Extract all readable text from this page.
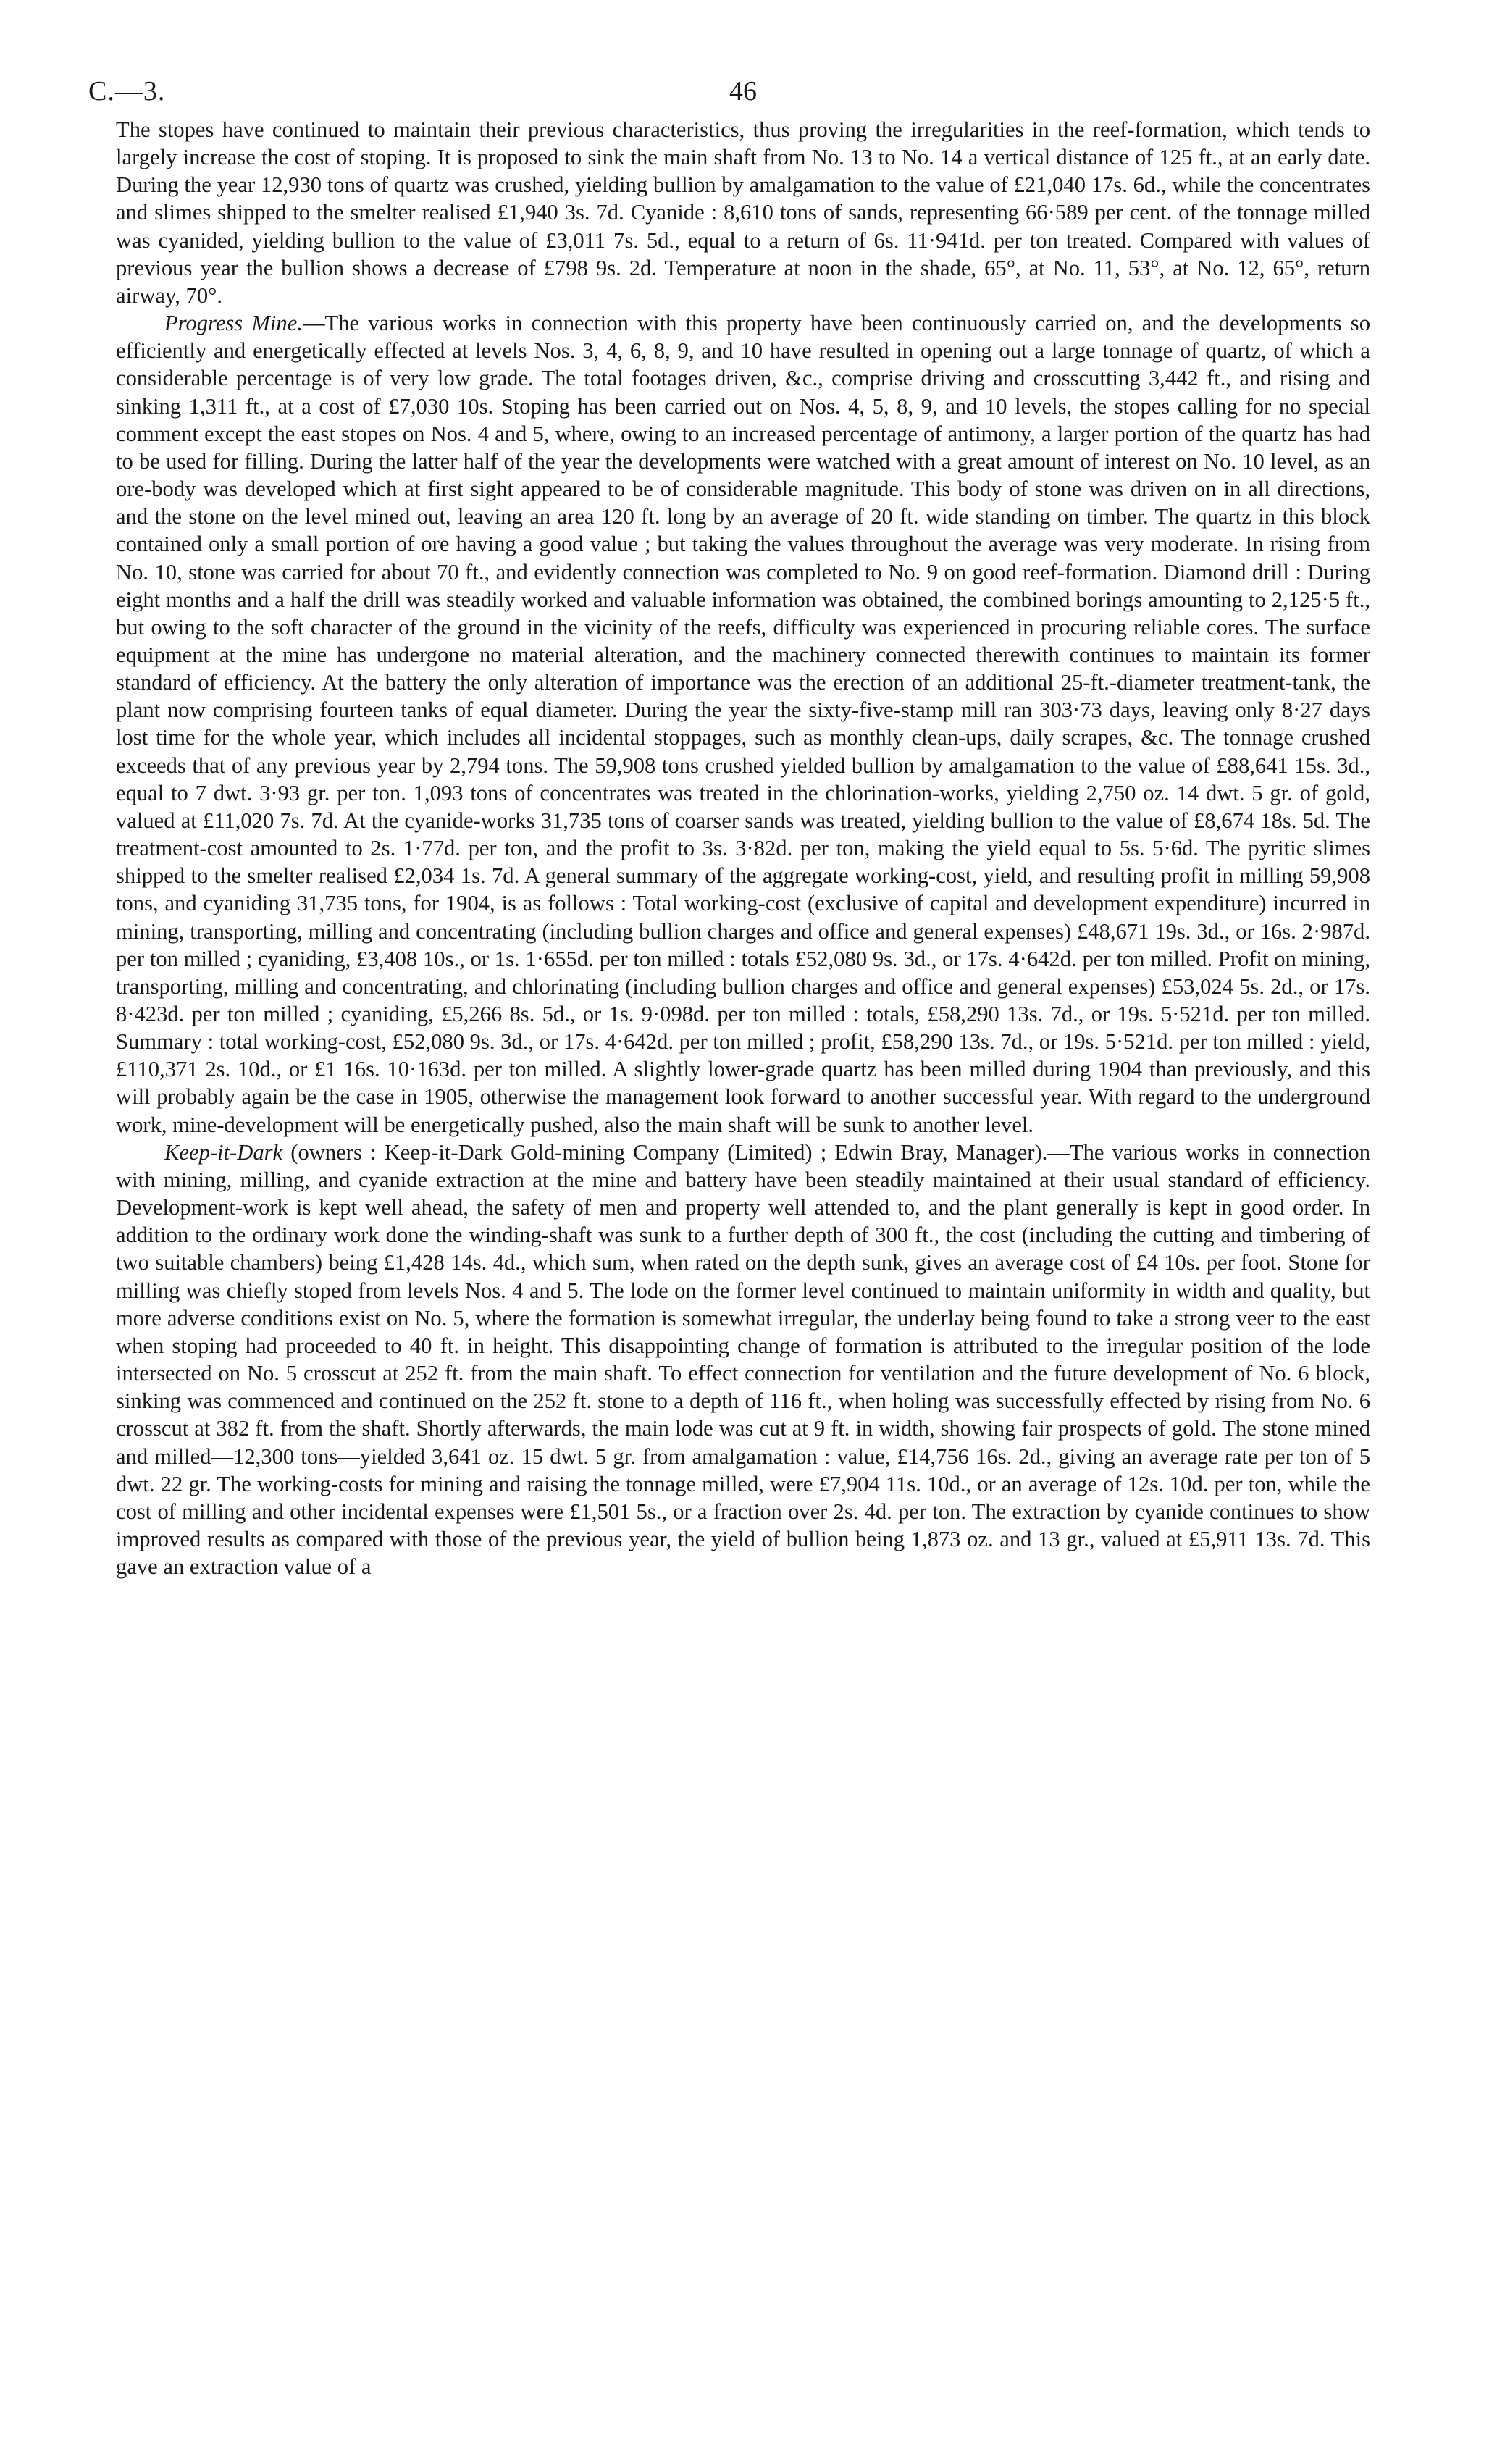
C.—3.	46

The stopes have continued to maintain their previous characteristics, thus proving the irregularities in the reef-formation, which tends to largely increase the cost of stoping. It is proposed to sink the main shaft from No. 13 to No. 14 a vertical distance of 125 ft., at an early date. During the year 12,930 tons of quartz was crushed, yielding bullion by amalgamation to the value of £21,040 17s. 6d., while the concentrates and slimes shipped to the smelter realised £1,940 3s. 7d. Cyanide : 8,610 tons of sands, representing 66·589 per cent. of the tonnage milled was cyanided, yielding bullion to the value of £3,011 7s. 5d., equal to a return of 6s. 11·941d. per ton treated. Compared with values of previous year the bullion shows a decrease of £798 9s. 2d. Temperature at noon in the shade, 65°, at No. 11, 53°, at No. 12, 65°, return airway, 70°.

Progress Mine.—The various works in connection with this property have been continuously carried on, and the developments so efficiently and energetically effected at levels Nos. 3, 4, 6, 8, 9, and 10 have resulted in opening out a large tonnage of quartz, of which a considerable percentage is of very low grade. The total footages driven, &c., comprise driving and crosscutting 3,442 ft., and rising and sinking 1,311 ft., at a cost of £7,030 10s. Stoping has been carried out on Nos. 4, 5, 8, 9, and 10 levels, the stopes calling for no special comment except the east stopes on Nos. 4 and 5, where, owing to an increased percentage of antimony, a larger portion of the quartz has had to be used for filling. During the latter half of the year the developments were watched with a great amount of interest on No. 10 level, as an ore-body was developed which at first sight appeared to be of considerable magnitude. This body of stone was driven on in all directions, and the stone on the level mined out, leaving an area 120 ft. long by an average of 20 ft. wide standing on timber. The quartz in this block contained only a small portion of ore having a good value ; but taking the values throughout the average was very moderate. In rising from No. 10, stone was carried for about 70 ft., and evidently connection was completed to No. 9 on good reef-formation. Diamond drill : During eight months and a half the drill was steadily worked and valuable information was obtained, the combined borings amounting to 2,125·5 ft., but owing to the soft character of the ground in the vicinity of the reefs, difficulty was experienced in procuring reliable cores. The surface equipment at the mine has undergone no material alteration, and the machinery connected therewith continues to maintain its former standard of efficiency. At the battery the only alteration of importance was the erection of an additional 25-ft.-diameter treatment-tank, the plant now comprising fourteen tanks of equal diameter. During the year the sixty-five-stamp mill ran 303·73 days, leaving only 8·27 days lost time for the whole year, which includes all incidental stoppages, such as monthly clean-ups, daily scrapes, &c. The tonnage crushed exceeds that of any previous year by 2,794 tons. The 59,908 tons crushed yielded bullion by amalgamation to the value of £88,641 15s. 3d., equal to 7 dwt. 3·93 gr. per ton. 1,093 tons of concentrates was treated in the chlorination-works, yielding 2,750 oz. 14 dwt. 5 gr. of gold, valued at £11,020 7s. 7d. At the cyanide-works 31,735 tons of coarser sands was treated, yielding bullion to the value of £8,674 18s. 5d. The treatment-cost amounted to 2s. 1·77d. per ton, and the profit to 3s. 3·82d. per ton, making the yield equal to 5s. 5·6d. The pyritic slimes shipped to the smelter realised £2,034 1s. 7d. A general summary of the aggregate working-cost, yield, and resulting profit in milling 59,908 tons, and cyaniding 31,735 tons, for 1904, is as follows : Total working-cost (exclusive of capital and development expenditure) incurred in mining, transporting, milling and concentrating (including bullion charges and office and general expenses) £48,671 19s. 3d., or 16s. 2·987d. per ton milled ; cyaniding, £3,408 10s., or 1s. 1·655d. per ton milled : totals £52,080 9s. 3d., or 17s. 4·642d. per ton milled. Profit on mining, transporting, milling and concentrating, and chlorinating (including bullion charges and office and general expenses) £53,024 5s. 2d., or 17s. 8·423d. per ton milled ; cyaniding, £5,266 8s. 5d., or 1s. 9·098d. per ton milled : totals, £58,290 13s. 7d., or 19s. 5·521d. per ton milled. Summary : total working-cost, £52,080 9s. 3d., or 17s. 4·642d. per ton milled ; profit, £58,290 13s. 7d., or 19s. 5·521d. per ton milled : yield, £110,371 2s. 10d., or £1 16s. 10·163d. per ton milled. A slightly lower-grade quartz has been milled during 1904 than previously, and this will probably again be the case in 1905, otherwise the management look forward to another successful year. With regard to the underground work, mine-development will be energetically pushed, also the main shaft will be sunk to another level.

Keep-it-Dark (owners : Keep-it-Dark Gold-mining Company (Limited) ; Edwin Bray, Manager).—The various works in connection with mining, milling, and cyanide extraction at the mine and battery have been steadily maintained at their usual standard of efficiency. Development-work is kept well ahead, the safety of men and property well attended to, and the plant generally is kept in good order. In addition to the ordinary work done the winding-shaft was sunk to a further depth of 300 ft., the cost (including the cutting and timbering of two suitable chambers) being £1,428 14s. 4d., which sum, when rated on the depth sunk, gives an average cost of £4 10s. per foot. Stone for milling was chiefly stoped from levels Nos. 4 and 5. The lode on the former level continued to maintain uniformity in width and quality, but more adverse conditions exist on No. 5, where the formation is somewhat irregular, the underlay being found to take a strong veer to the east when stoping had proceeded to 40 ft. in height. This disappointing change of formation is attributed to the irregular position of the lode intersected on No. 5 crosscut at 252 ft. from the main shaft. To effect connection for ventilation and the future development of No. 6 block, sinking was commenced and continued on the 252 ft. stone to a depth of 116 ft., when holing was successfully effected by rising from No. 6 crosscut at 382 ft. from the shaft. Shortly afterwards, the main lode was cut at 9 ft. in width, showing fair prospects of gold. The stone mined and milled—12,300 tons—yielded 3,641 oz. 15 dwt. 5 gr. from amalgamation : value, £14,756 16s. 2d., giving an average rate per ton of 5 dwt. 22 gr. The working-costs for mining and raising the tonnage milled, were £7,904 11s. 10d., or an average of 12s. 10d. per ton, while the cost of milling and other incidental expenses were £1,501 5s., or a fraction over 2s. 4d. per ton. The extraction by cyanide continues to show improved results as compared with those of the previous year, the yield of bullion being 1,873 oz. and 13 gr., valued at £5,911 13s. 7d. This gave an extraction value of a
